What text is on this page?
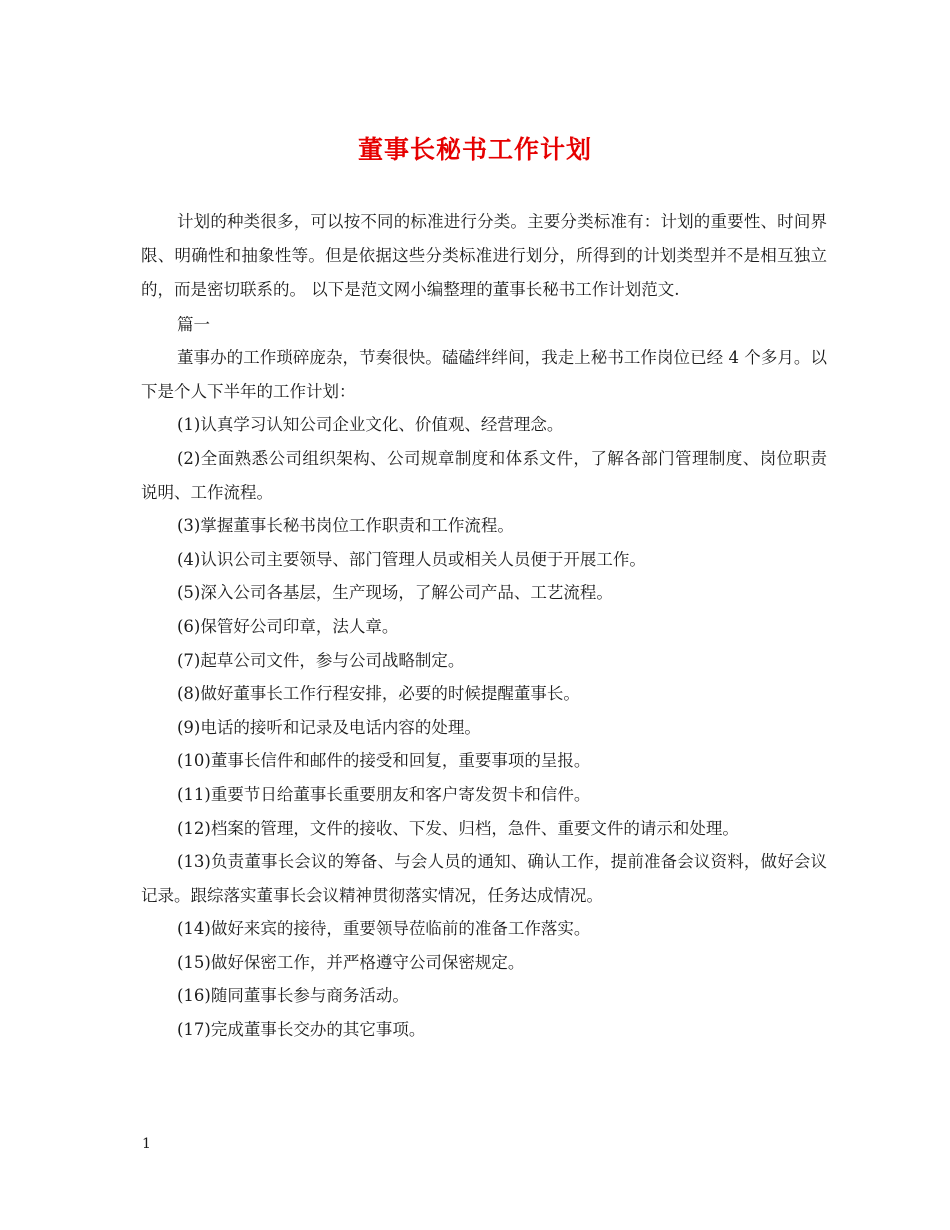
董事长秘书工作计划

计划的种类很多，可以按不同的标准进行分类。主要分类标准有：计划的重要性、时间界限、明确性和抽象性等。但是依据这些分类标准进行划分，所得到的计划类型并不是相互独立的，而是密切联系的。 以下是范文网小编整理的董事长秘书工作计划范文.

篇一

董事办的工作琐碎庞杂，节奏很快。磕磕绊绊间，我走上秘书工作岗位已经 4 个多月。以下是个人下半年的工作计划：

(1)认真学习认知公司企业文化、价值观、经营理念。

(2)全面熟悉公司组织架构、公司规章制度和体系文件，了解各部门管理制度、岗位职责说明、工作流程。

(3)掌握董事长秘书岗位工作职责和工作流程。

(4)认识公司主要领导、部门管理人员或相关人员便于开展工作。

(5)深入公司各基层，生产现场，了解公司产品、工艺流程。

(6)保管好公司印章，法人章。

(7)起草公司文件，参与公司战略制定。

(8)做好董事长工作行程安排，必要的时候提醒董事长。

(9)电话的接听和记录及电话内容的处理。

(10)董事长信件和邮件的接受和回复，重要事项的呈报。

(11)重要节日给董事长重要朋友和客户寄发贺卡和信件。

(12)档案的管理，文件的接收、下发、归档，急件、重要文件的请示和处理。

(13)负责董事长会议的筹备、与会人员的通知、确认工作，提前准备会议资料，做好会议记录。跟综落实董事长会议精神贯彻落实情况，任务达成情况。

(14)做好来宾的接待，重要领导莅临前的准备工作落实。

(15)做好保密工作，并严格遵守公司保密规定。

(16)随同董事长参与商务活动。

(17)完成董事长交办的其它事项。

1
